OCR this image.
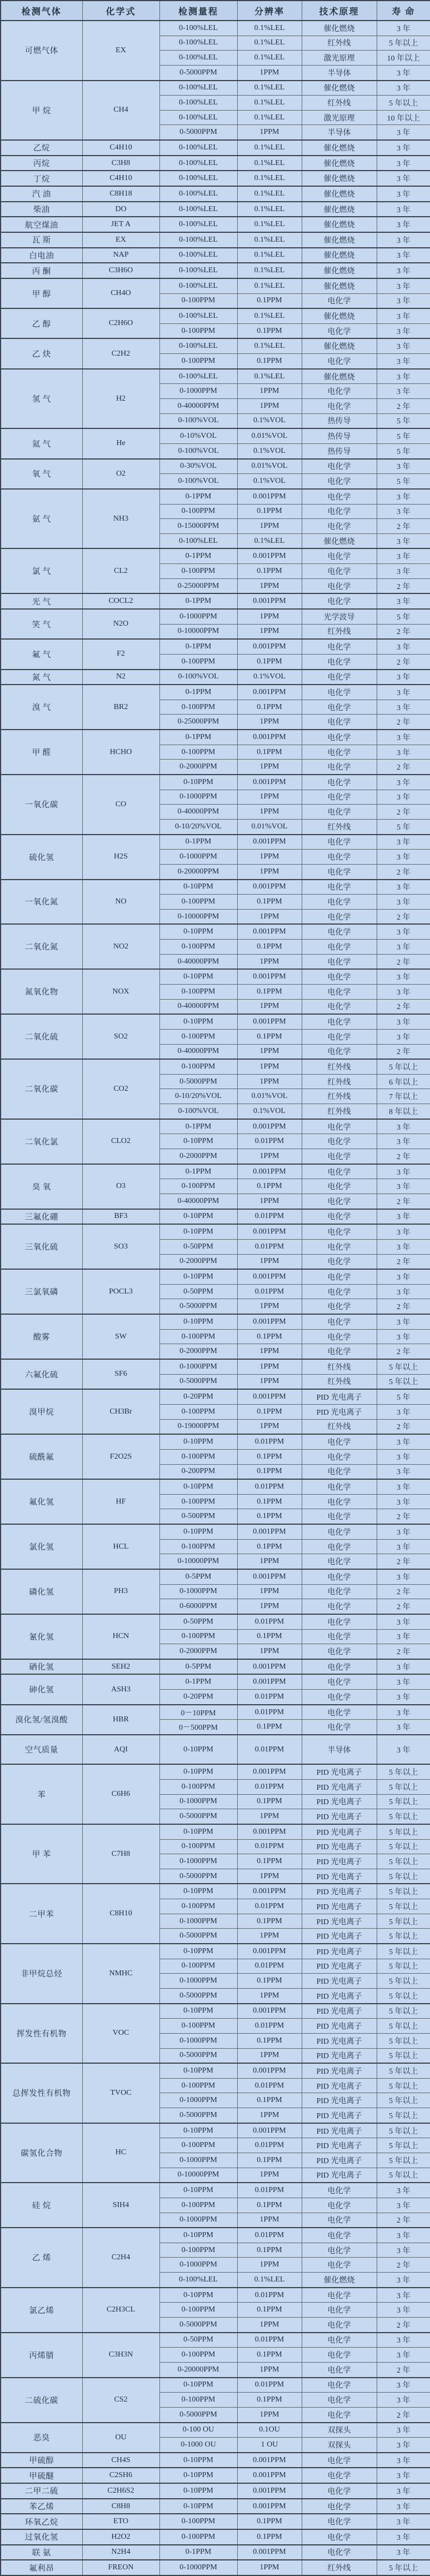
检测气体	化学式	检测量程	分辨率	技术原理	寿 命
可燃气体	EX	0-100%LEL	0.1%LEL	催化燃烧	3 年
		0-100%LEL	0.1%LEL	红外线	5 年以上
		0-100%LEL	0.1%LEL	激光原理	10 年以上
		0-5000PPM	1PPM	半导体	3 年
甲 烷	CH4	0-100%LEL	0.1%LEL	催化燃烧	3 年
		0-100%LEL	0.1%LEL	红外线	5 年以上
		0-100%LEL	0.1%LEL	激光原理	10 年以上
		0-5000PPM	1PPM	半导体	3 年
乙烷	C4H10	0-100%LEL	0.1%LEL	催化燃烧	3 年
丙烷	C3H8	0-100%LEL	0.1%LEL	催化燃烧	3 年
丁烷	C4H10	0-100%LEL	0.1%LEL	催化燃烧	3 年
汽 油	C8H18	0-100%LEL	0.1%LEL	催化燃烧	3 年
柴油	DO	0-100%LEL	0.1%LEL	催化燃烧	3 年
航空煤油	JET A	0-100%LEL	0.1%LEL	催化燃烧	3 年
瓦 斯	EX	0-100%LEL	0.1%LEL	催化燃烧	3 年
白电油	NAP	0-100%LEL	0.1%LEL	催化燃烧	3 年
丙 酮	C3H6O	0-100%LEL	0.1%LEL	催化燃烧	3 年
甲 醇	CH4O	0-100%LEL	0.1%LEL	催化燃烧	3 年
		0-100PPM	0.1PPM	电化学	3 年
乙 醇	C2H6O	0-100%LEL	0.1%LEL	催化燃烧	3 年
		0-100PPM	0.1PPM	电化学	3 年
乙 炔	C2H2	0-100%LEL	0.1%LEL	催化燃烧	3 年
		0-100PPM	0.1PPM	电化学	3 年
氢 气	H2	0-100%LEL	0.1%LEL	催化燃烧	3 年
		0-1000PPM	1PPM	电化学	3 年
		0-40000PPM	1PPM	电化学	2 年
		0-100%VOL	0.1%VOL	热传导	5 年
氦 气	He	0-10%VOL	0.01%VOL	热传导	5 年
		0-100%VOL	0.1%VOL	热传导	5 年
氧 气	O2	0-30%VOL	0.01%VOL	电化学	3 年
		0-100%VOL	0.1%VOL	电化学	5 年
氨 气	NH3	0-1PPM	0.001PPM	电化学	3 年
		0-100PPM	0.1PPM	电化学	3 年
		0-15000PPM	1PPM	电化学	2 年
		0-100%LEL	0.1%LEL	催化燃烧	3 年
氯 气	CL2	0-1PPM	0.001PPM	电化学	3 年
		0-100PPM	0.1PPM	电化学	3 年
		0-25000PPM	1PPM	电化学	2 年
光 气	COCL2	0-1PPM	0.001PPM	电化学	3 年
笑 气	N2O	0-1000PPM	1PPM	光学波导	5 年
		0-10000PPM	1PPM	红外线	2 年
氟 气	F2	0-1PPM	0.001PPM	电化学	3 年
		0-100PPM	0.1PPM	电化学	2 年
氮 气	N2	0-100%VOL	0.1%VOL	电化学	3 年
溴 气	BR2	0-1PPM	0.001PPM	电化学	3 年
		0-100PPM	0.1PPM	电化学	3 年
		0-25000PPM	1PPM	电化学	2 年
甲 醛	HCHO	0-1PPM	0.001PPM	电化学	3 年
		0-100PPM	0.1PPM	电化学	3 年
		0-2000PPM	1PPM	电化学	2 年
一氧化碳	CO	0-10PPM	0.001PPM	电化学	3 年
		0-1000PPM	1PPM	电化学	3 年
		0-40000PPM	1PPM	电化学	2 年
		0-10/20%VOL	0.01%VOL	红外线	5 年
硫化氢	H2S	0-1PPM	0.001PPM	电化学	3 年
		0-1000PPM	1PPM	电化学	3 年
		0-20000PPM	1PPM	电化学	2 年
一氧化氮	NO	0-10PPM	0.001PPM	电化学	3 年
		0-100PPM	0.1PPM	电化学	3 年
		0-10000PPM	1PPM	电化学	2 年
二氧化氮	NO2	0-10PPM	0.001PPM	电化学	3 年
		0-100PPM	0.1PPM	电化学	3 年
		0-40000PPM	1PPM	电化学	2 年
氮氧化物	NOX	0-10PPM	0.001PPM	电化学	3 年
		0-100PPM	0.1PPM	电化学	3 年
		0-40000PPM	1PPM	电化学	2 年
二氧化硫	SO2	0-10PPM	0.001PPM	电化学	3 年
		0-100PPM	0.1PPM	电化学	3 年
		0-40000PPM	1PPM	电化学	2 年
二氧化碳	CO2	0-100PPM	1PPM	红外线	5 年以上
		0-5000PPM	1PPM	红外线	6 年以上
		0-10/20%VOL	0.01%VOL	红外线	7 年以上
		0-100%VOL	0.1%VOL	红外线	8 年以上
二氧化氯	CLO2	0-1PPM	0.001PPM	电化学	3 年
		0-10PPM	0.01PPM	电化学	3 年
		0-2000PPM	1PPM	电化学	2 年
臭 氧	O3	0-1PPM	0.001PPM	电化学	3 年
		0-100PPM	0.1PPM	电化学	3 年
		0-40000PPM	1PPM	电化学	2 年
三氟化硼	BF3	0-10PPM	0.01PPM	电化学	3 年
三氧化硫	SO3	0-10PPM	0.001PPM	电化学	3 年
		0-50PPM	0.01PPM	电化学	3 年
		0-2000PPM	1PPM	电化学	2 年
三氯氧磷	POCL3	0-10PPM	0.001PPM	电化学	3 年
		0-50PPM	0.01PPM	电化学	3 年
		0-5000PPM	1PPM	电化学	2 年
酸雾	SW	0-10PPM	0.001PPM	电化学	3 年
		0-100PPM	0.1PPM	电化学	3 年
		0-2000PPM	1PPM	电化学	2 年
六氟化硫	SF6	0-1000PPM	1PPM	红外线	5 年以上
		0-5000PPM	1PPM	红外线	5 年以上
溴甲烷	CH3Br	0-20PPM	0.001PPM	PID 光电离子	5 年
		0-100PPM	0.1PPM	PID 光电离子	3 年
		0-19000PPM	1PPM	红外线	2 年
硫酰氟	F2O2S	0-10PPM	0.01PPM	电化学	3 年
		0-100PPM	0.1PPM	电化学	3 年
		0-200PPM	0.1PPM	电化学	3 年
氟化氢	HF	0-10PPM	0.01PPM	电化学	3 年
		0-100PPM	0.1PPM	电化学	3 年
		0-500PPM	0.1PPM	电化学	2 年
氯化氢	HCL	0-10PPM	0.001PPM	电化学	3 年
		0-100PPM	0.1PPM	电化学	3 年
		0-10000PPM	1PPM	电化学	2 年
磷化氢	PH3	0-5PPM	0.001PPM	电化学	3 年
		0-1000PPM	1PPM	电化学	2 年
		0-6000PPM	1PPM	电化学	2 年
氰化氢	HCN	0-50PPM	0.01PPM	电化学	3 年
		0-100PPM	0.1PPM	电化学	3 年
		0-2000PPM	1PPM	电化学	2 年
硒化氢	SEH2	0-5PPM	0.001PPM	电化学	3 年
砷化氢	ASH3	0-1PPM	0.001PPM	电化学	3 年
		0-20PPM	0.01PPM	电化学	3 年
溴化氢/氢溴酸	HBR	0－10PPM	0.01PPM	电化学	3 年
		0－500PPM	0.1PPM	电化学	3 年
空气质量	AQI	0-10PPM	0.01PPM	半导体	3 年
苯	C6H6	0-10PPM	0.001PPM	PID 光电离子	5 年以上
		0-100PPM	0.01PPM	PID 光电离子	5 年以上
		0-1000PPM	0.1PPM	PID 光电离子	5 年以上
		0-5000PPM	1PPM	PID 光电离子	5 年以上
甲 苯	C7H8	0-10PPM	0.001PPM	PID 光电离子	5 年以上
		0-100PPM	0.01PPM	PID 光电离子	5 年以上
		0-1000PPM	0.1PPM	PID 光电离子	5 年以上
		0-5000PPM	1PPM	PID 光电离子	5 年以上
二甲苯	C8H10	0-10PPM	0.001PPM	PID 光电离子	5 年以上
		0-100PPM	0.01PPM	PID 光电离子	5 年以上
		0-1000PPM	0.1PPM	PID 光电离子	5 年以上
		0-5000PPM	1PPM	PID 光电离子	5 年以上
非甲烷总烃	NMHC	0-10PPM	0.001PPM	PID 光电离子	5 年以上
		0-100PPM	0.01PPM	PID 光电离子	5 年以上
		0-1000PPM	0.1PPM	PID 光电离子	5 年以上
		0-5000PPM	1PPM	PID 光电离子	5 年以上
挥发性有机物	VOC	0-10PPM	0.001PPM	PID 光电离子	5 年以上
		0-100PPM	0.01PPM	PID 光电离子	5 年以上
		0-1000PPM	0.1PPM	PID 光电离子	5 年以上
		0-5000PPM	1PPM	PID 光电离子	5 年以上
总挥发性有机物	TVOC	0-10PPM	0.001PPM	PID 光电离子	5 年以上
		0-100PPM	0.01PPM	PID 光电离子	5 年以上
		0-1000PPM	0.1PPM	PID 光电离子	5 年以上
		0-5000PPM	1PPM	PID 光电离子	5 年以上
碳氢化合物	HC	0-10PPM	0.001PPM	PID 光电离子	5 年以上
		0-100PPM	0.01PPM	PID 光电离子	5 年以上
		0-1000PPM	0.1PPM	PID 光电离子	5 年以上
		0-10000PPM	1PPM	PID 光电离子	5 年以上
硅 烷	SIH4	0-10PPM	0.01PPM	电化学	3 年
		0-100PPM	0.1PPM	电化学	3 年
		0-1000PPM	1PPM	电化学	2 年
乙 烯	C2H4	0-10PPM	0.01PPM	电化学	3 年
		0-100PPM	0.1PPM	电化学	3 年
		0-1000PPM	1PPM	电化学	2 年
		0-100%LEL	0.1%LEL	催化燃烧	3 年
氯乙烯	C2H3CL	0-10PPM	0.01PPM	电化学	3 年
		0-100PPM	0.1PPM	电化学	3 年
		0-5000PPM	1PPM	电化学	2 年
丙烯腈	C3H3N	0-50PPM	0.01PPM	电化学	3 年
		0-100PPM	0.1PPM	电化学	3 年
		0-20000PPM	1PPM	电化学	2 年
二硫化碳	CS2	0-10PPM	0.01PPM	电化学	3 年
		0-100PPM	0.1PPM	电化学	3 年
		0-5000PPM	1PPM	电化学	2 年
恶臭	OU	0-100 OU	0.1OU	双探头	3 年
		0-1000 OU	1 OU	双探头	3 年
甲硫醇	CH4S	0-10PPM	0.001PPM	电化学	3 年
甲硫醚	C2SH6	0-10PPM	0.001PPM	电化学	3 年
二甲二硫	C2H6S2	0-10PPM	0.001PPM	电化学	3 年
苯乙烯	C8H8	0-10PPM	0.001PPM	电化学	3 年
环氧乙烷	ETO	0-100PPM	0.1PPM	电化学	3 年
过氧化氢	H2O2	0-100PPM	0.1PPM	电化学	3 年
联 氨	N2H4	0-1PPM	0.001PPM	电化学	3 年
氟利昂	FREON	0-1000PPM	1PPM	红外线	5 年以上
